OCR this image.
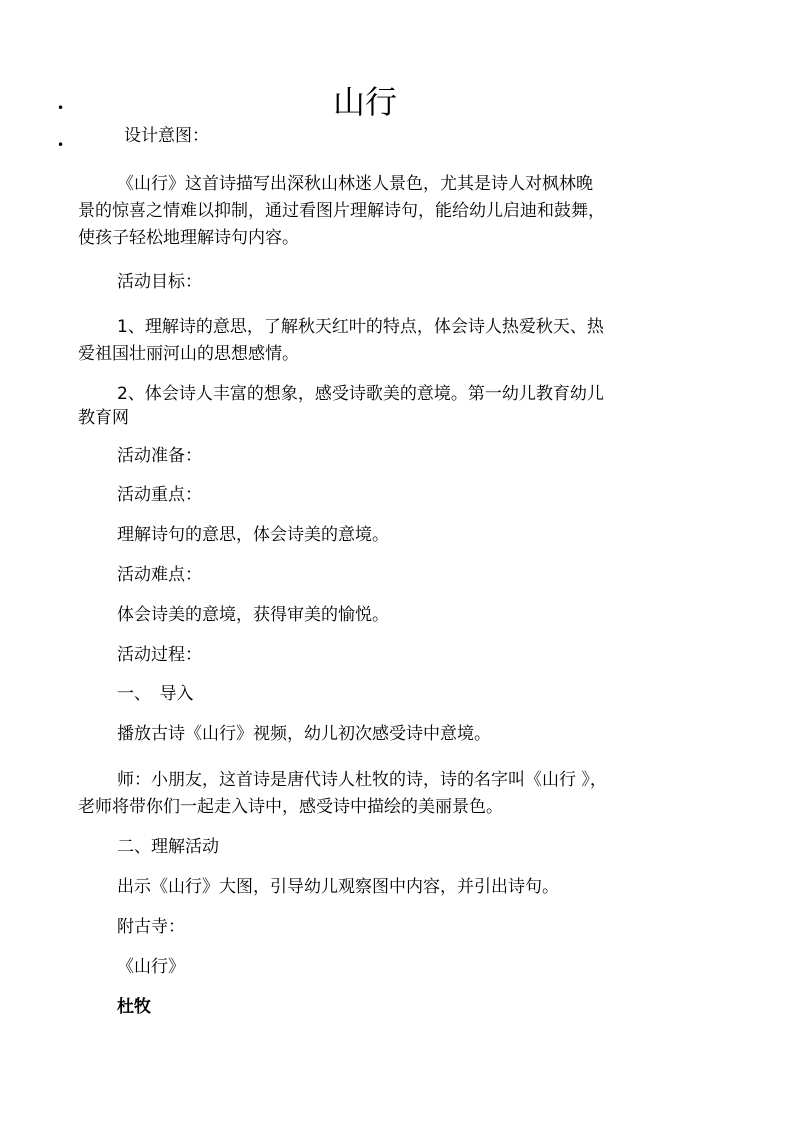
•	山行
•	设计意图：
《山行》这首诗描写出深秋山林迷人景色，尤其是诗人对枫林晚
景的惊喜之情难以抑制，通过看图片理解诗句，能给幼儿启迪和鼓舞，
使孩子轻松地理解诗句内容。
活动目标：
1、理解诗的意思，了解秋天红叶的特点，体会诗人热爱秋天、热
爱祖国壮丽河山的思想感情。
2、体会诗人丰富的想象，感受诗歌美的意境。第一幼儿教育幼儿
教育网
活动准备：
活动重点：
理解诗句的意思，体会诗美的意境。
活动难点：
体会诗美的意境，获得审美的愉悦。
活动过程：
一、　导入
播放古诗《山行》视频，幼儿初次感受诗中意境。
师：小朋友，这首诗是唐代诗人杜牧的诗，诗的名字叫《山行 》，
老师将带你们一起走入诗中，感受诗中描绘的美丽景色。
二、理解活动
出示《山行》大图，引导幼儿观察图中内容，并引出诗句。
附古寺：
《山行》
杜牧
